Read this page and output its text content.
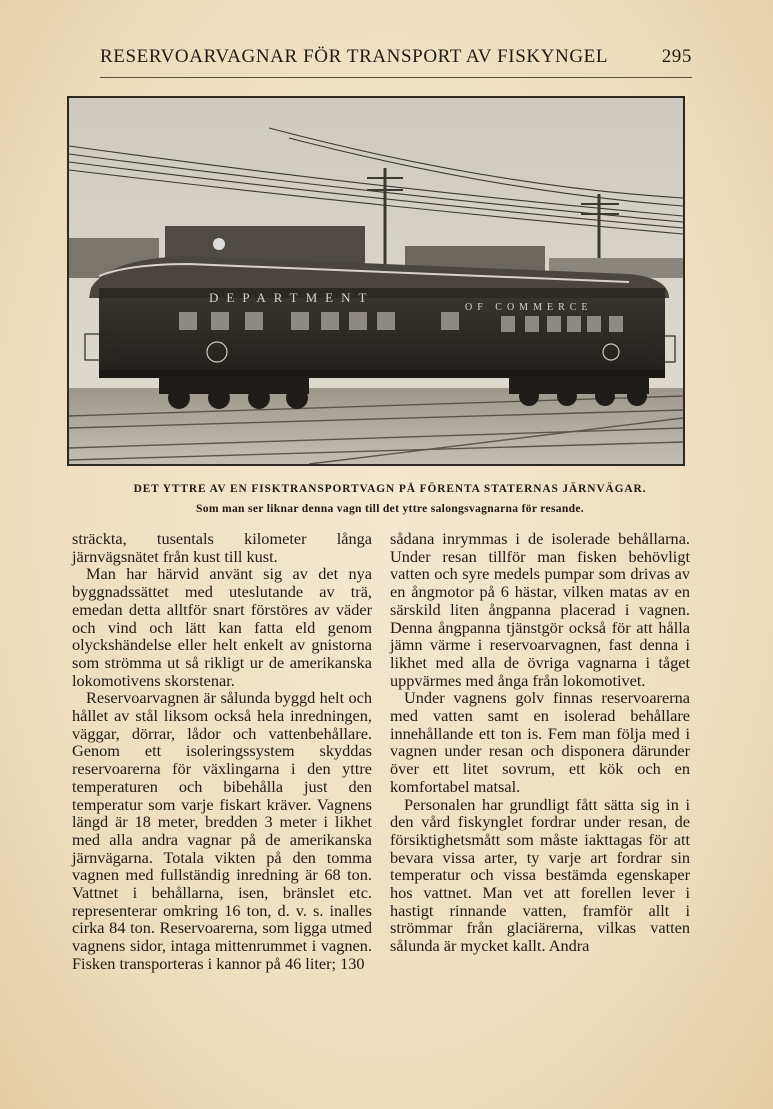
RESERVOARVAGNAR FÖR TRANSPORT AV FISKYNGEL	295
DEPARTMENT
OF COMMERCE
DET YTTRE AV EN FISKTRANSPORTVAGN PÅ FÖRENTA STATERNAS JÄRNVÄGAR.
Som man ser liknar denna vagn till det yttre salongsvagnarna för resande.

sträckta, tusentals kilometer långa järnvägsnätet från kust till kust.

Man har härvid använt sig av det nya byggnadssättet med uteslutande av trä, emedan detta alltför snart förstöres av väder och vind och lätt kan fatta eld genom olyckshändelse eller helt enkelt av gnistorna som strömma ut så rikligt ur de amerikanska lokomotivens skorstenar.

Reservoarvagnen är sålunda byggd helt och hållet av stål liksom också hela inredningen, väggar, dörrar, lådor och vattenbehållare. Genom ett isoleringssystem skyddas reservoarerna för växlingarna i den yttre temperaturen och bibehålla just den temperatur som varje fiskart kräver. Vagnens längd är 18 meter, bredden 3 meter i likhet med alla andra vagnar på de amerikanska järnvägarna. Totala vikten på den tomma vagnen med fullständig inredning är 68 ton. Vattnet i behållarna, isen, bränslet etc. representerar omkring 16 ton, d. v. s. inalles cirka 84 ton. Reservoarerna, som ligga utmed vagnens sidor, intaga mittenrummet i vagnen. Fisken transporteras i kannor på 46 liter; 130

sådana inrymmas i de isolerade behållarna. Under resan tillför man fisken behövligt vatten och syre medels pumpar som drivas av en ångmotor på 6 hästar, vilken matas av en särskild liten ångpanna placerad i vagnen. Denna ångpanna tjänstgör också för att hålla jämn värme i reservoarvagnen, fast denna i likhet med alla de övriga vagnarna i tåget uppvärmes med ånga från lokomotivet.

Under vagnens golv finnas reservoarerna med vatten samt en isolerad behållare innehållande ett ton is. Fem man följa med i vagnen under resan och disponera därunder över ett litet sovrum, ett kök och en komfortabel matsal.

Personalen har grundligt fått sätta sig in i den vård fiskynglet fordrar under resan, de försiktighetsmått som måste iakttagas för att bevara vissa arter, ty varje art fordrar sin temperatur och vissa bestämda egenskaper hos vattnet. Man vet att forellen lever i hastigt rinnande vatten, framför allt i strömmar från glaciärerna, vilkas vatten sålunda är mycket kallt. Andra
